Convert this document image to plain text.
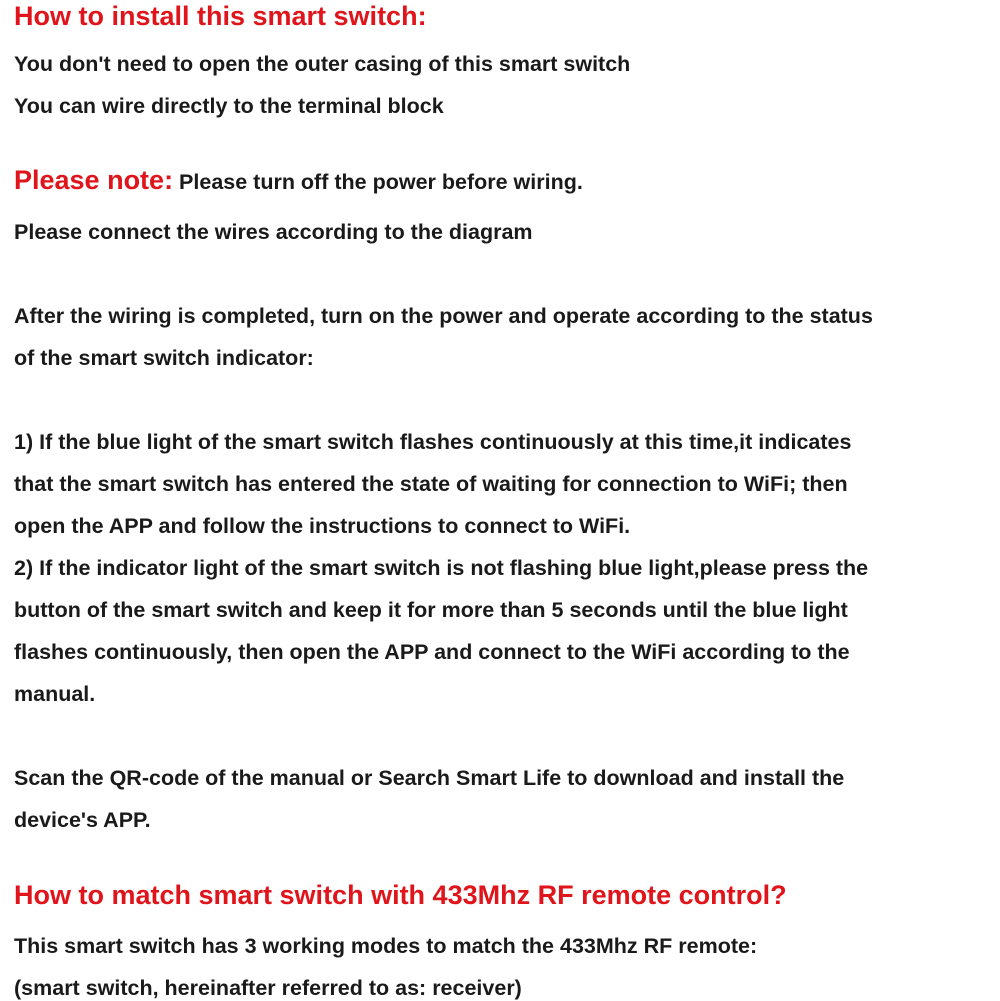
How to install this smart switch:
You don't need to open the outer casing of this smart switch
You can wire directly to the terminal block
Please note: Please turn off the power before wiring.
Please connect the wires according to the diagram
After the wiring is completed, turn on the power and operate according to the status
of the smart switch indicator:
1) If the blue light of the smart switch flashes continuously at this time,it indicates
that the smart switch has entered the state of waiting for connection to WiFi; then
open the APP and follow the instructions to connect to WiFi.
2) If the indicator light of the smart switch is not flashing blue light,please press the
button of the smart switch and keep it for more than 5 seconds until the blue light
flashes continuously, then open the APP and connect to the WiFi according to the
manual.
Scan the QR-code of the manual or Search Smart Life to download and install the
device's APP.
How to match smart switch with 433Mhz RF remote control?
This smart switch has 3 working modes to match the 433Mhz RF remote:
(smart switch, hereinafter referred to as: receiver)
